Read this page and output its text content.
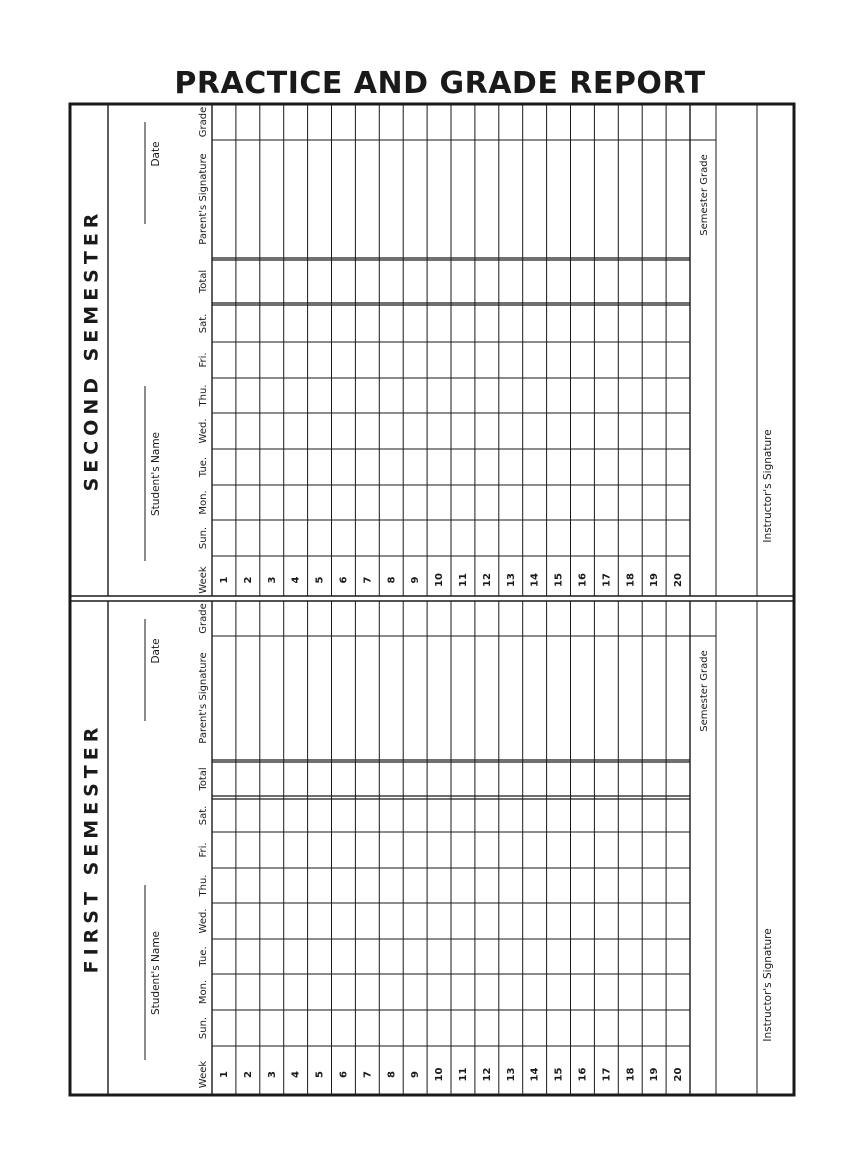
PRACTICE AND GRADE REPORT
FIRST SEMESTER	Student's Name
Date
Week
Sun.
Mon.
Tue.
Wed.
Thu.
Fri.
Sat.
Total
Parent's Signature
Grade
1 2 3 4 5 6 7 8 9 10 11 12 13 14 15 16 17 18 19 20
Semester Grade
Instructor's Signature
SECOND SEMESTER	Student's Name
Date
Week
Sun.
Mon.
Tue.
Wed.
Thu.
Fri.
Sat.
Total
Parent's Signature
Grade
1 2 3 4 5 6 7 8 9 10 11 12 13 14 15 16 17 18 19 20
Semester Grade
Instructor's Signature
